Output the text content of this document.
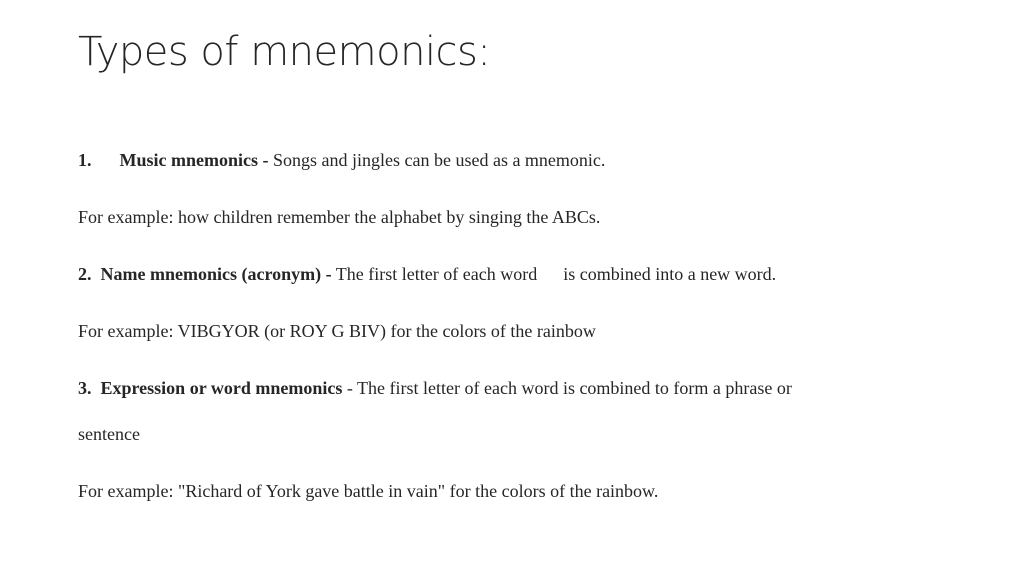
Types of mnemonics:
1. Music mnemonics - Songs and jingles can be used as a mnemonic.
For example: how children remember the alphabet by singing the ABCs.
2. Name mnemonics (acronym) - The first letter of each word is combined into a new word.
For example: VIBGYOR (or ROY G BIV) for the colors of the rainbow
3. Expression or word mnemonics - The first letter of each word is combined to form a phrase or
sentence
For example: "Richard of York gave battle in vain" for the colors of the rainbow.
